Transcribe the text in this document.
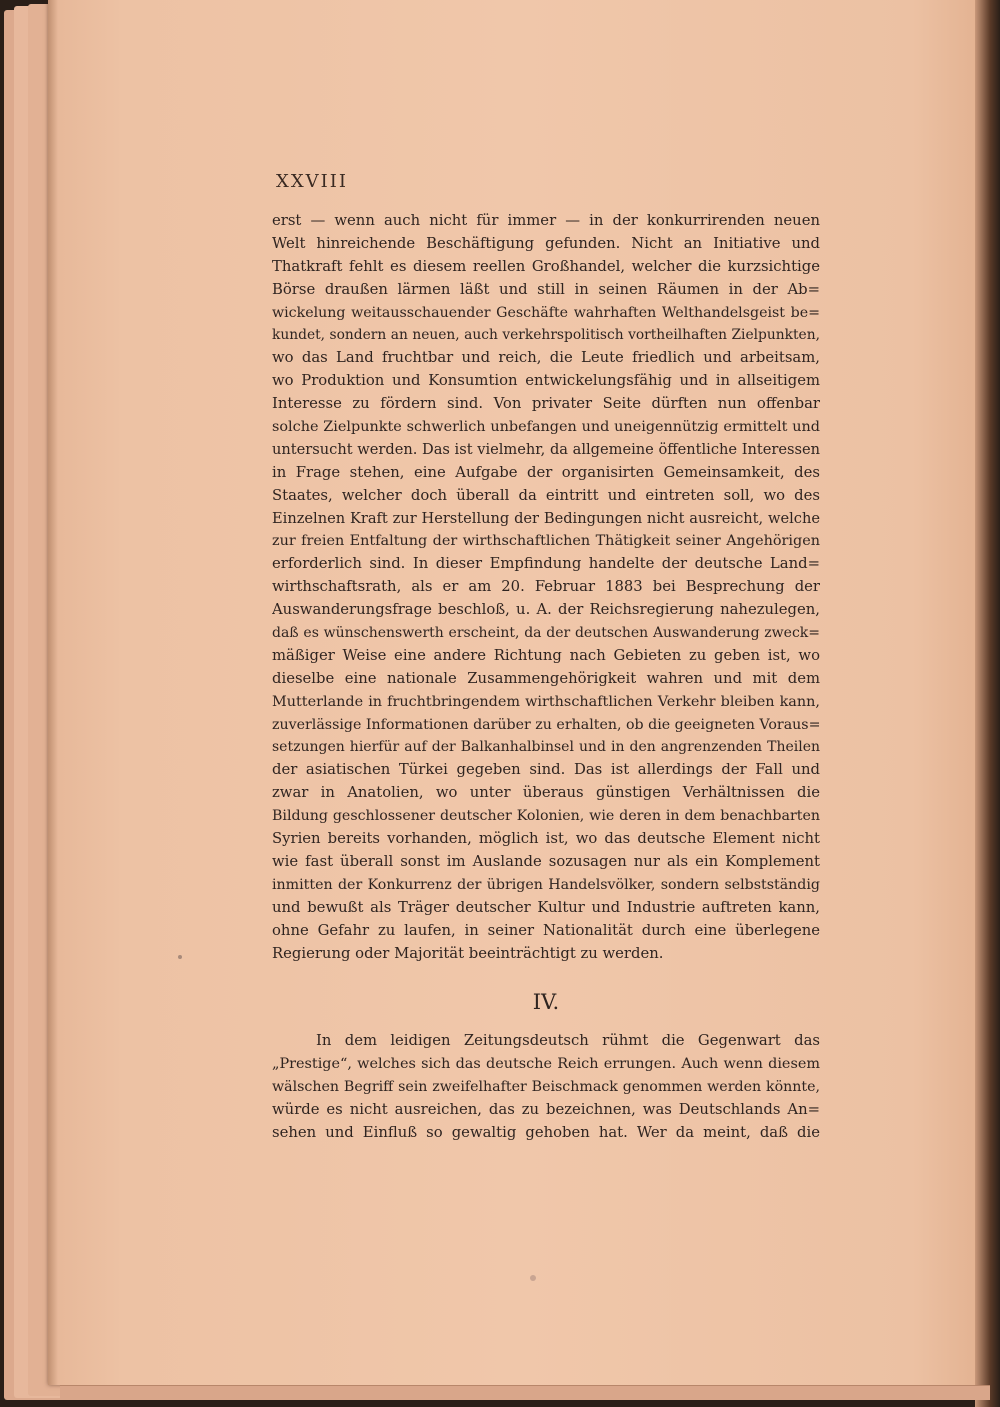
XXVIII
erst — wenn auch nicht für immer — in der konkurrirenden neuen
Welt hinreichende Beschäftigung gefunden. Nicht an Initiative und
Thatkraft fehlt es diesem reellen Großhandel, welcher die kurzsichtige
Börse draußen lärmen läßt und still in seinen Räumen in der Ab=
wickelung weitausschauender Geschäfte wahrhaften Welthandelsgeist be=
kundet, sondern an neuen, auch verkehrspolitisch vortheilhaften Zielpunkten,
wo das Land fruchtbar und reich, die Leute friedlich und arbeitsam,
wo Produktion und Konsumtion entwickelungsfähig und in allseitigem
Interesse zu fördern sind. Von privater Seite dürften nun offenbar
solche Zielpunkte schwerlich unbefangen und uneigennützig ermittelt und
untersucht werden. Das ist vielmehr, da allgemeine öffentliche Interessen
in Frage stehen, eine Aufgabe der organisirten Gemeinsamkeit, des
Staates, welcher doch überall da eintritt und eintreten soll, wo des
Einzelnen Kraft zur Herstellung der Bedingungen nicht ausreicht, welche
zur freien Entfaltung der wirthschaftlichen Thätigkeit seiner Angehörigen
erforderlich sind. In dieser Empfindung handelte der deutsche Land=
wirthschaftsrath, als er am 20. Februar 1883 bei Besprechung der
Auswanderungsfrage beschloß, u. A. der Reichsregierung nahezulegen,
daß es wünschenswerth erscheint, da der deutschen Auswanderung zweck=
mäßiger Weise eine andere Richtung nach Gebieten zu geben ist, wo
dieselbe eine nationale Zusammengehörigkeit wahren und mit dem
Mutterlande in fruchtbringendem wirthschaftlichen Verkehr bleiben kann,
zuverlässige Informationen darüber zu erhalten, ob die geeigneten Voraus=
setzungen hierfür auf der Balkanhalbinsel und in den angrenzenden Theilen
der asiatischen Türkei gegeben sind. Das ist allerdings der Fall und
zwar in Anatolien, wo unter überaus günstigen Verhältnissen die
Bildung geschlossener deutscher Kolonien, wie deren in dem benachbarten
Syrien bereits vorhanden, möglich ist, wo das deutsche Element nicht
wie fast überall sonst im Auslande sozusagen nur als ein Komplement
inmitten der Konkurrenz der übrigen Handelsvölker, sondern selbstständig
und bewußt als Träger deutscher Kultur und Industrie auftreten kann,
ohne Gefahr zu laufen, in seiner Nationalität durch eine überlegene
Regierung oder Majorität beeinträchtigt zu werden.
IV.
In dem leidigen Zeitungsdeutsch rühmt die Gegenwart das
„Prestige“, welches sich das deutsche Reich errungen. Auch wenn diesem
wälschen Begriff sein zweifelhafter Beischmack genommen werden könnte,
würde es nicht ausreichen, das zu bezeichnen, was Deutschlands An=
sehen und Einfluß so gewaltig gehoben hat. Wer da meint, daß die
